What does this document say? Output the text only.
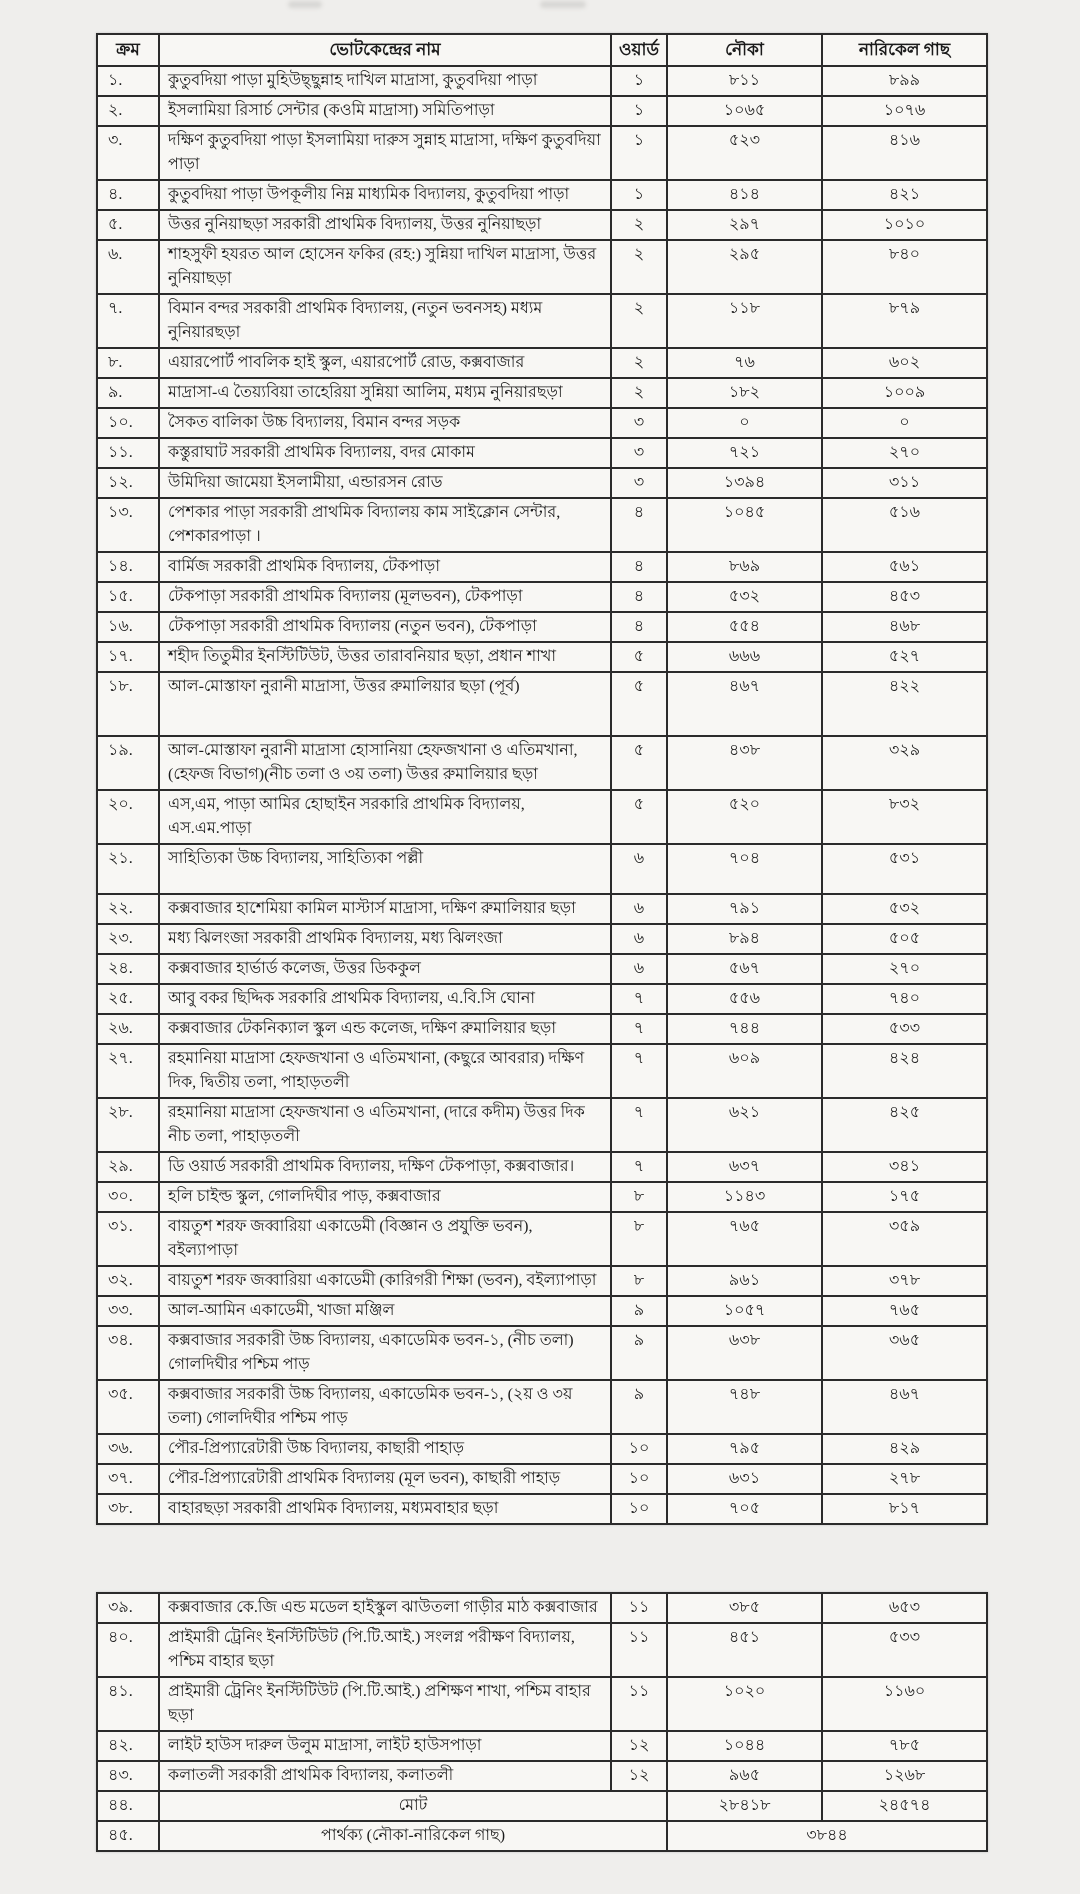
ক্রম	ভোটকেন্দ্রের নাম	ওয়ার্ড	নৌকা	নারিকেল গাছ
১.	কুতুবদিয়া পাড়া মুহিউছ্ছুন্নাহ দাখিল মাদ্রাসা, কুতুবদিয়া পাড়া	১	৮১১	৮৯৯
২.	ইসলামিয়া রিসার্চ সেন্টার (কওমি মাদ্রাসা) সমিতিপাড়া	১	১০৬৫	১০৭৬
৩.	দক্ষিণ কুতুবদিয়া পাড়া ইসলামিয়া দারুস সুন্নাহ মাদ্রাসা, দক্ষিণ কুতুবদিয়া পাড়া	১	৫২৩	৪১৬
৪.	কুতুবদিয়া পাড়া উপকূলীয় নিম্ন মাধ্যমিক বিদ্যালয়, কুতুবদিয়া পাড়া	১	৪১৪	৪২১
৫.	উত্তর নুনিয়াছড়া সরকারী প্রাথমিক বিদ্যালয়, উত্তর নুনিয়াছড়া	২	২৯৭	১০১০
৬.	শাহসুফী হযরত আল হোসেন ফকির (রহ:) সুন্নিয়া দাখিল মাদ্রাসা, উত্তর নুনিয়াছড়া	২	২৯৫	৮৪০
৭.	বিমান বন্দর সরকারী প্রাথমিক বিদ্যালয়, (নতুন ভবনসহ) মধ্যম নুনিয়ারছড়া	২	১১৮	৮৭৯
৮.	এয়ারপোর্ট পাবলিক হাই স্কুল, এয়ারপোর্ট রোড, কক্সবাজার	২	৭৬	৬০২
৯.	মাদ্রাসা-এ তৈয়্যবিয়া তাহেরিয়া সুন্নিয়া আলিম, মধ্যম নুনিয়ারছড়া	২	১৮২	১০০৯
১০.	সৈকত বালিকা উচ্চ বিদ্যালয়, বিমান বন্দর সড়ক	৩	০	০
১১.	কস্তুরাঘাট সরকারী প্রাথমিক বিদ্যালয়, বদর মোকাম	৩	৭২১	২৭০
১২.	উমিদিয়া জামেয়া ইসলামীয়া, এন্ডারসন রোড	৩	১৩৯৪	৩১১
১৩.	পেশকার পাড়া সরকারী প্রাথমিক বিদ্যালয় কাম সাইক্লোন সেন্টার, পেশকারপাড়া ।	৪	১০৪৫	৫১৬
১৪.	বার্মিজ সরকারী প্রাথমিক বিদ্যালয়, টেকপাড়া	৪	৮৬৯	৫৬১
১৫.	টেকপাড়া সরকারী প্রাথমিক বিদ্যালয় (মূলভবন), টেকপাড়া	৪	৫৩২	৪৫৩
১৬.	টেকপাড়া সরকারী প্রাথমিক বিদ্যালয় (নতুন ভবন), টেকপাড়া	৪	৫৫৪	৪৬৮
১৭.	শহীদ তিতুমীর ইনস্টিটিউট, উত্তর তারাবনিয়ার ছড়া, প্রধান শাখা	৫	৬৬৬	৫২৭
১৮.	আল-মোস্তাফা নুরানী মাদ্রাসা, উত্তর রুমালিয়ার ছড়া (পূর্ব)	৫	৪৬৭	৪২২
১৯.	আল-মোস্তাফা নুরানী মাদ্রাসা হোসানিয়া হেফজখানা ও এতিমখানা, (হেফজ বিভাগ)(নীচ তলা ও ৩য় তলা) উত্তর রুমালিয়ার ছড়া	৫	৪৩৮	৩২৯
২০.	এস,এম, পাড়া আমির হোছাইন সরকারি প্রাথমিক বিদ্যালয়, এস.এম.পাড়া	৫	৫২০	৮৩২
২১.	সাহিত্যিকা উচ্চ বিদ্যালয়, সাহিত্যিকা পল্লী	৬	৭০৪	৫৩১
২২.	কক্সবাজার হাশেমিয়া কামিল মাস্টার্স মাদ্রাসা, দক্ষিণ রুমালিয়ার ছড়া	৬	৭৯১	৫৩২
২৩.	মধ্য ঝিলংজা সরকারী প্রাথমিক বিদ্যালয়, মধ্য ঝিলংজা	৬	৮৯৪	৫০৫
২৪.	কক্সবাজার হার্ভার্ড কলেজ, উত্তর ডিককুল	৬	৫৬৭	২৭০
২৫.	আবু বকর ছিদ্দিক সরকারি প্রাথমিক বিদ্যালয়, এ.বি.সি ঘোনা	৭	৫৫৬	৭৪০
২৬.	কক্সবাজার টেকনিক্যাল স্কুল এন্ড কলেজ, দক্ষিণ রুমালিয়ার ছড়া	৭	৭৪৪	৫৩৩
২৭.	রহমানিয়া মাদ্রাসা হেফজখানা ও এতিমখানা, (কছুরে আবরার) দক্ষিণ দিক, দ্বিতীয় তলা, পাহাড়তলী	৭	৬০৯	৪২৪
২৮.	রহমানিয়া মাদ্রাসা হেফজখানা ও এতিমখানা, (দারে কদীম) উত্তর দিক নীচ তলা, পাহাড়তলী	৭	৬২১	৪২৫
২৯.	ডি ওয়ার্ড সরকারী প্রাথমিক বিদ্যালয়, দক্ষিণ টেকপাড়া, কক্সবাজার।	৭	৬৩৭	৩৪১
৩০.	হলি চাইল্ড স্কুল, গোলদিঘীর পাড়, কক্সবাজার	৮	১১৪৩	১৭৫
৩১.	বায়তুশ শরফ জব্বারিয়া একাডেমী (বিজ্ঞান ও প্রযুক্তি ভবন), বইল্যাপাড়া	৮	৭৬৫	৩৫৯
৩২.	বায়তুশ শরফ জব্বারিয়া একাডেমী (কারিগরী শিক্ষা (ভবন), বইল্যাপাড়া	৮	৯৬১	৩৭৮
৩৩.	আল-আমিন একাডেমী, খাজা মঞ্জিল	৯	১০৫৭	৭৬৫
৩৪.	কক্সবাজার সরকারী উচ্চ বিদ্যালয়, একাডেমিক ভবন-১, (নীচ তলা) গোলদিঘীর পশ্চিম পাড়	৯	৬৩৮	৩৬৫
৩৫.	কক্সবাজার সরকারী উচ্চ বিদ্যালয়, একাডেমিক ভবন-১, (২য় ও ৩য় তলা) গোলদিঘীর পশ্চিম পাড়	৯	৭৪৮	৪৬৭
৩৬.	পৌর-প্রিপ্যারেটারী উচ্চ বিদ্যালয়, কাছারী পাহাড়	১০	৭৯৫	৪২৯
৩৭.	পৌর-প্রিপ্যারেটারী প্রাথমিক বিদ্যালয় (মূল ভবন), কাছারী পাহাড়	১০	৬৩১	২৭৮
৩৮.	বাহারছড়া সরকারী প্রাথমিক বিদ্যালয়, মধ্যমবাহার ছড়া	১০	৭০৫	৮১৭
৩৯.	কক্সবাজার কে.জি এন্ড মডেল হাইস্কুল ঝাউতলা গাড়ীর মাঠ কক্সবাজার	১১	৩৮৫	৬৫৩
৪০.	প্রাইমারী ট্রেনিং ইনস্টিটিউট (পি.টি.আই.) সংলগ্ন পরীক্ষণ বিদ্যালয়, পশ্চিম বাহার ছড়া	১১	৪৫১	৫৩৩
৪১.	প্রাইমারী ট্রেনিং ইনস্টিটিউট (পি.টি.আই.) প্রশিক্ষণ শাখা, পশ্চিম বাহার ছড়া	১১	১০২০	১১৬০
৪২.	লাইট হাউস দারুল উলুম মাদ্রাসা, লাইট হাউসপাড়া	১২	১০৪৪	৭৮৫
৪৩.	কলাতলী সরকারী প্রাথমিক বিদ্যালয়, কলাতলী	১২	৯৬৫	১২৬৮
৪৪.	মোট		২৮৪১৮	২৪৫৭৪
৪৫.	পার্থক্য (নৌকা-নারিকেল গাছ)		৩৮৪৪	
